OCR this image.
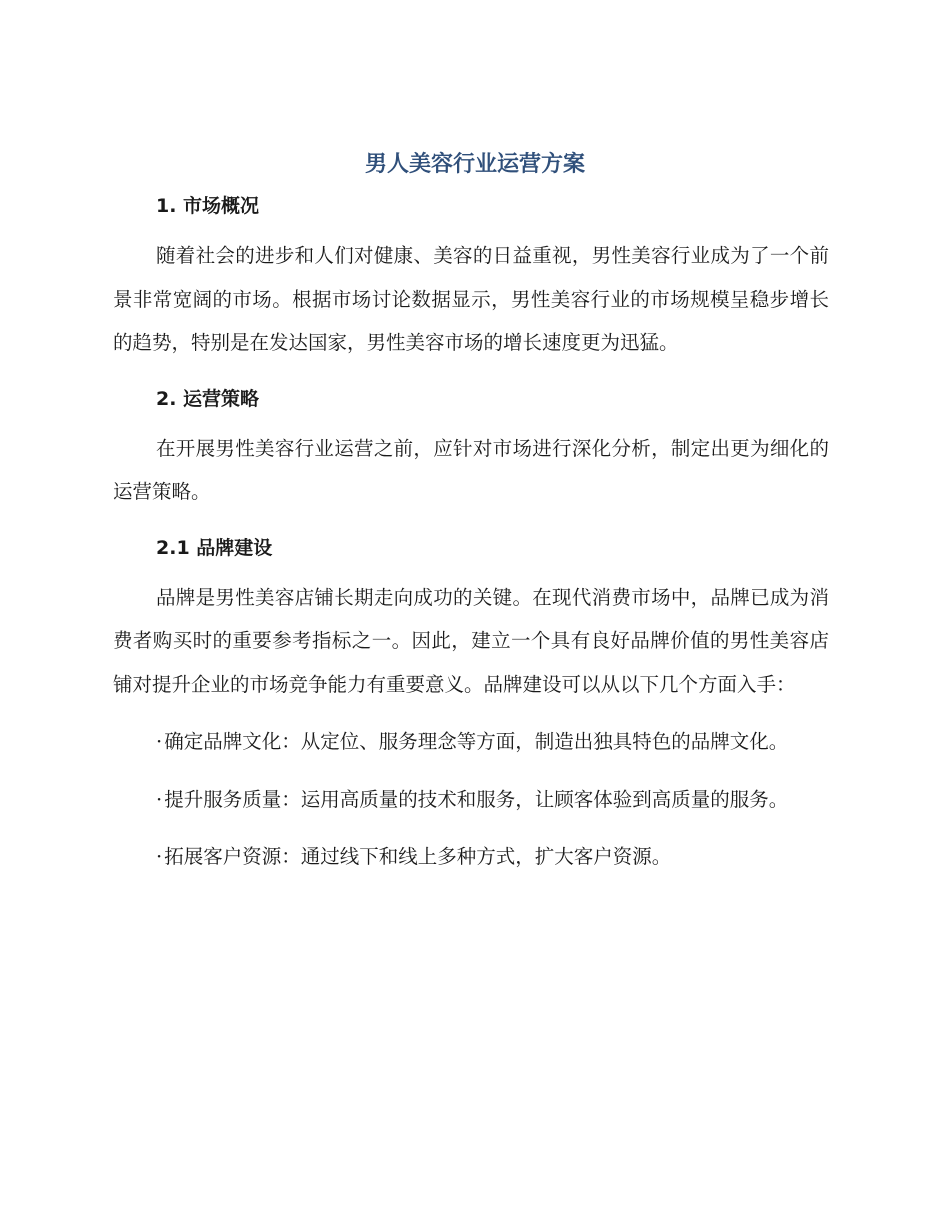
男人美容行业运营方案
1. 市场概况

随着社会的进步和人们对健康、美容的日益重视，男性美容行业成为了一个前景非常宽阔的市场。根据市场讨论数据显示，男性美容行业的市场规模呈稳步增长的趋势，特别是在发达国家，男性美容市场的增长速度更为迅猛。

2. 运营策略

在开展男性美容行业运营之前，应针对市场进行深化分析，制定出更为细化的运营策略。

2.1 品牌建设

品牌是男性美容店铺长期走向成功的关键。在现代消费市场中，品牌已成为消费者购买时的重要参考指标之一。因此，建立一个具有良好品牌价值的男性美容店铺对提升企业的市场竞争能力有重要意义。品牌建设可以从以下几个方面入手：

· 确定品牌文化：从定位、服务理念等方面，制造出独具特色的品牌文化。

· 提升服务质量：运用高质量的技术和服务，让顾客体验到高质量的服务。

· 拓展客户资源：通过线下和线上多种方式，扩大客户资源。
